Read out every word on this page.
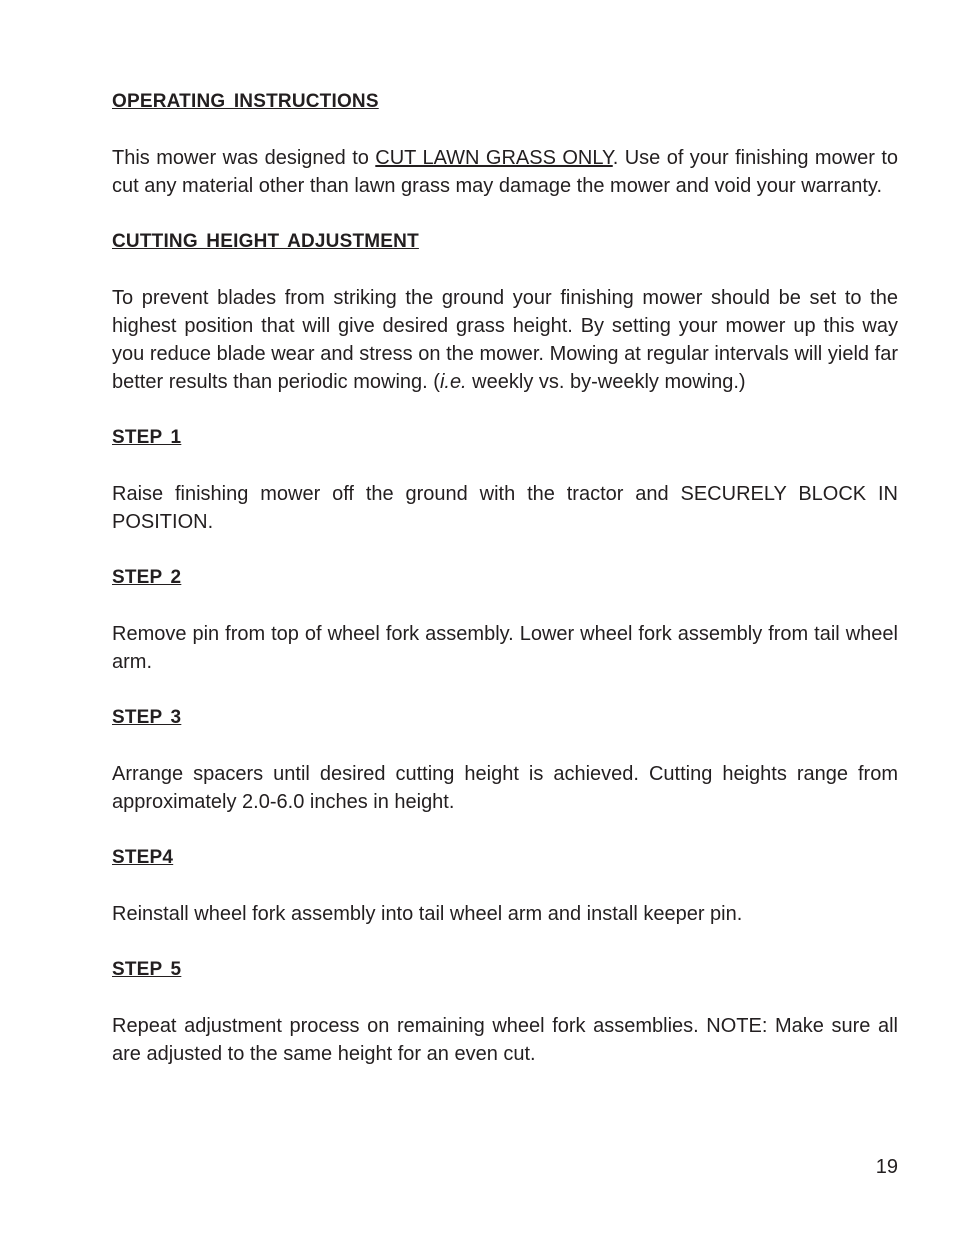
OPERATING INSTRUCTIONS

This mower was designed to CUT LAWN GRASS ONLY. Use of your finishing mower to cut any material other than lawn grass may damage the mower and void your warranty.

CUTTING HEIGHT ADJUSTMENT

To prevent blades from striking the ground your finishing mower should be set to the highest position that will give desired grass height. By setting your mower up this way you reduce blade wear and stress on the mower. Mowing at regular intervals will yield far better results than periodic mowing. (i.e. weekly vs. by-weekly mowing.)

STEP 1

Raise finishing mower off the ground with the tractor and SECURELY BLOCK IN POSITION.

STEP 2

Remove pin from top of wheel fork assembly. Lower wheel fork assembly from tail wheel arm.

STEP 3

Arrange spacers until desired cutting height is achieved. Cutting heights range from approximately 2.0-6.0 inches in height.

STEP4

Reinstall wheel fork assembly into tail wheel arm and install keeper pin.

STEP 5

Repeat adjustment process on remaining wheel fork assemblies. NOTE: Make sure all are adjusted to the same height for an even cut.

19
